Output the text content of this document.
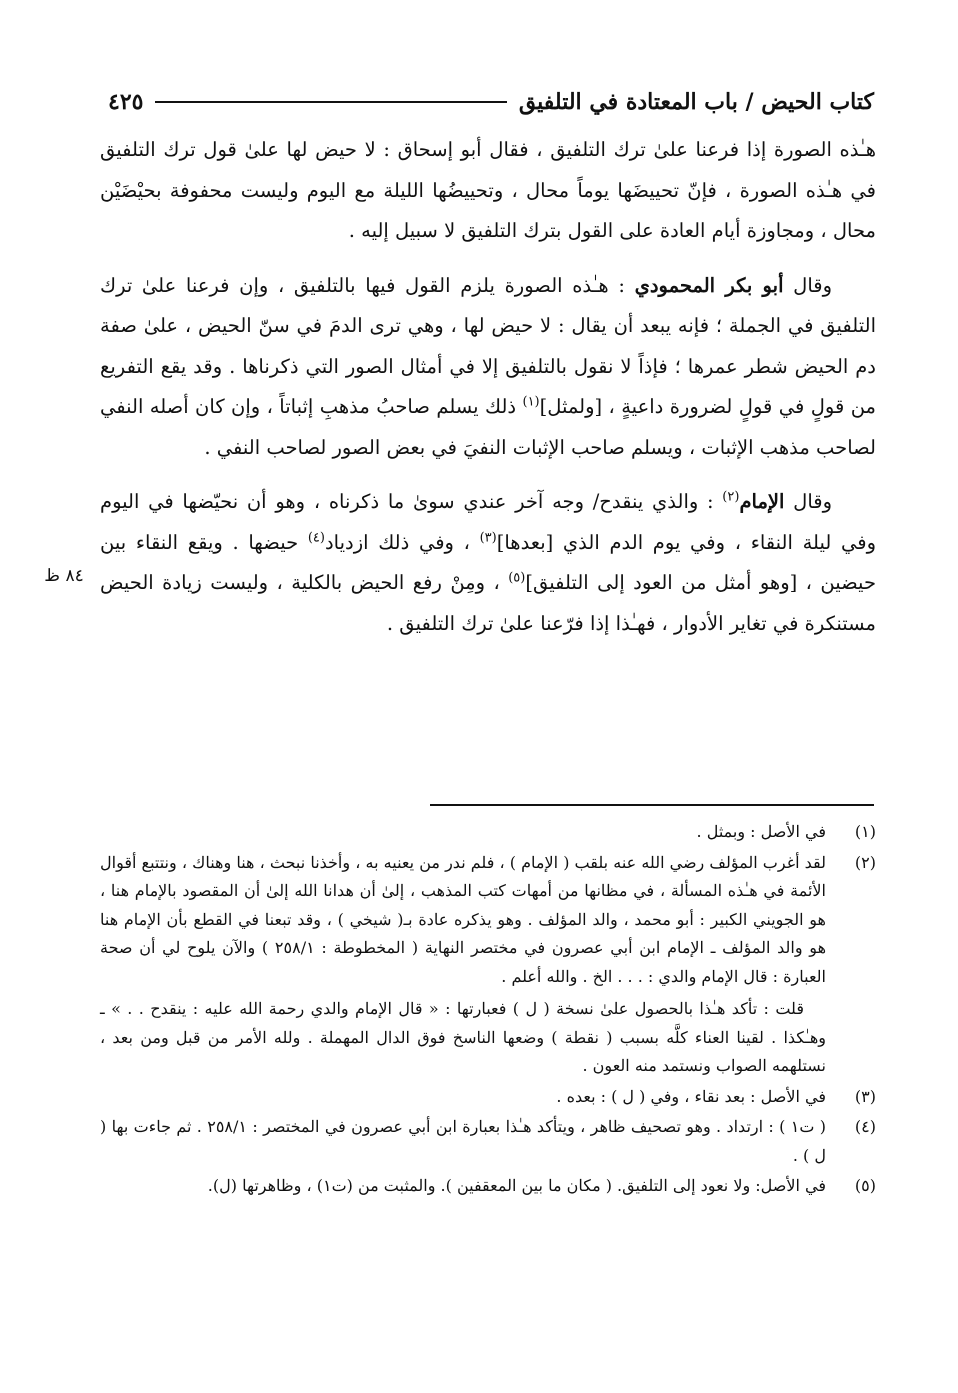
كتاب الحيض / باب المعتادة في التلفيق
٤٢٥
٨٤ ظ

هـٰذه الصورة إذا فرعنا علىٰ ترك التلفيق ، فقال أبو إسحاق : لا حيض لها علىٰ قول ترك التلفيق في هـٰذه الصورة ، فإنّ تحييضَها يوماً محال ، وتحييضُها الليلة مع اليوم وليست محفوفة بحيْضَيْن محال ، ومجاوزة أيام العادة على القول بترك التلفيق لا سبيل إليه .

وقال أبو بكر المحمودي : هـٰذه الصورة يلزم القول فيها بالتلفيق ، وإن فرعنا علىٰ ترك التلفيق في الجملة ؛ فإنه يبعد أن يقال : لا حيض لها ، وهي ترى الدمَ في سنّ الحيض ، علىٰ صفة دم الحيض شطر عمرها ؛ فإذاً لا نقول بالتلفيق إلا في أمثال الصور التي ذكرناها . وقد يقع التفريع من قولٍ في قولٍ لضرورة داعيةٍ ، [ولمثل]$^{(١)}$ ذلك يسلم صاحبُ مذهبِ إثباتاً ، وإن كان أصله النفي لصاحب مذهب الإثبات ، ويسلم صاحب الإثبات النفيَ في بعض الصور لصاحب النفي .

وقال الإمام$^{(٢)}$ : والذي ينقدح/ وجه آخر عندي سوىٰ ما ذكرناه ، وهو أن نحيّضها في اليوم وفي ليلة النقاء ، وفي يوم الدم الذي [بعدها]$^{(٣)}$ ، وفي ذلك ازدياد$^{(٤)}$ حيضها . ويقع النقاء بين حيضين ، [وهو أمثل من العود إلى التلفيق]$^{(٥)}$ ، ومِنْ رفع الحيض بالكلية ، وليست زيادة الحيض مستنكرة في تغاير الأدوار ، فهـٰذا إذا فرّعنا علىٰ ترك التلفيق .

(١)

في الأصل : وبمثل .

(٢)

لقد أغرب المؤلف رضي الله عنه بلقب ( الإمام ) ، فلم ندر من يعنيه به ، وأخذنا نبحث ، هنا وهناك ، ونتتبع أقوال الأئمة في هـٰذه المسألة ، في مظانها من أمهات كتب المذهب ، إلىٰ أن هدانا الله إلىٰ أن المقصود بالإمام هنا ، هو الجويني الكبير : أبو محمد ، والد المؤلف . وهو يذكره عادة بـ( شيخي ) ، وقد تبعنا في القطع بأن الإمام هنا هو والد المؤلف ـ الإمام ابن أبي عصرون في مختصر النهاية ( المخطوطة : ٢٥٨/١ ) والآن يلوح لي أن صحة العبارة : قال الإمام والدي : . . . الخ . والله أعلم .

قلت : تأكد هـٰذا بالحصول علىٰ نسخة ( ل ) فعبارتها : « قال الإمام والدي رحمة الله عليه : ينقدح . . » ـ وهـٰكذا . لقينا العناء كلَّه بسبب ( نقطة ) وضعها الناسخ فوق الدال المهملة . ولله الأمر من قبل ومن بعد ، نستلهمه الصواب ونستمد منه العون .

(٣)

في الأصل : بعد نقاء ، وفي ( ل ) : بعده .

(٤)

( ت١ ) : ارتداد . وهو تصحيف ظاهر ، ويتأكد هـٰذا بعبارة ابن أبي عصرون في المختصر : ٢٥٨/١ . ثم جاءت بها ( ل ) .

(٥)

في الأصل: ولا نعود إلى التلفيق. ( مكان ما بين المعقفين ). والمثبت من (ت١) ، وظاهرتها (ل).
